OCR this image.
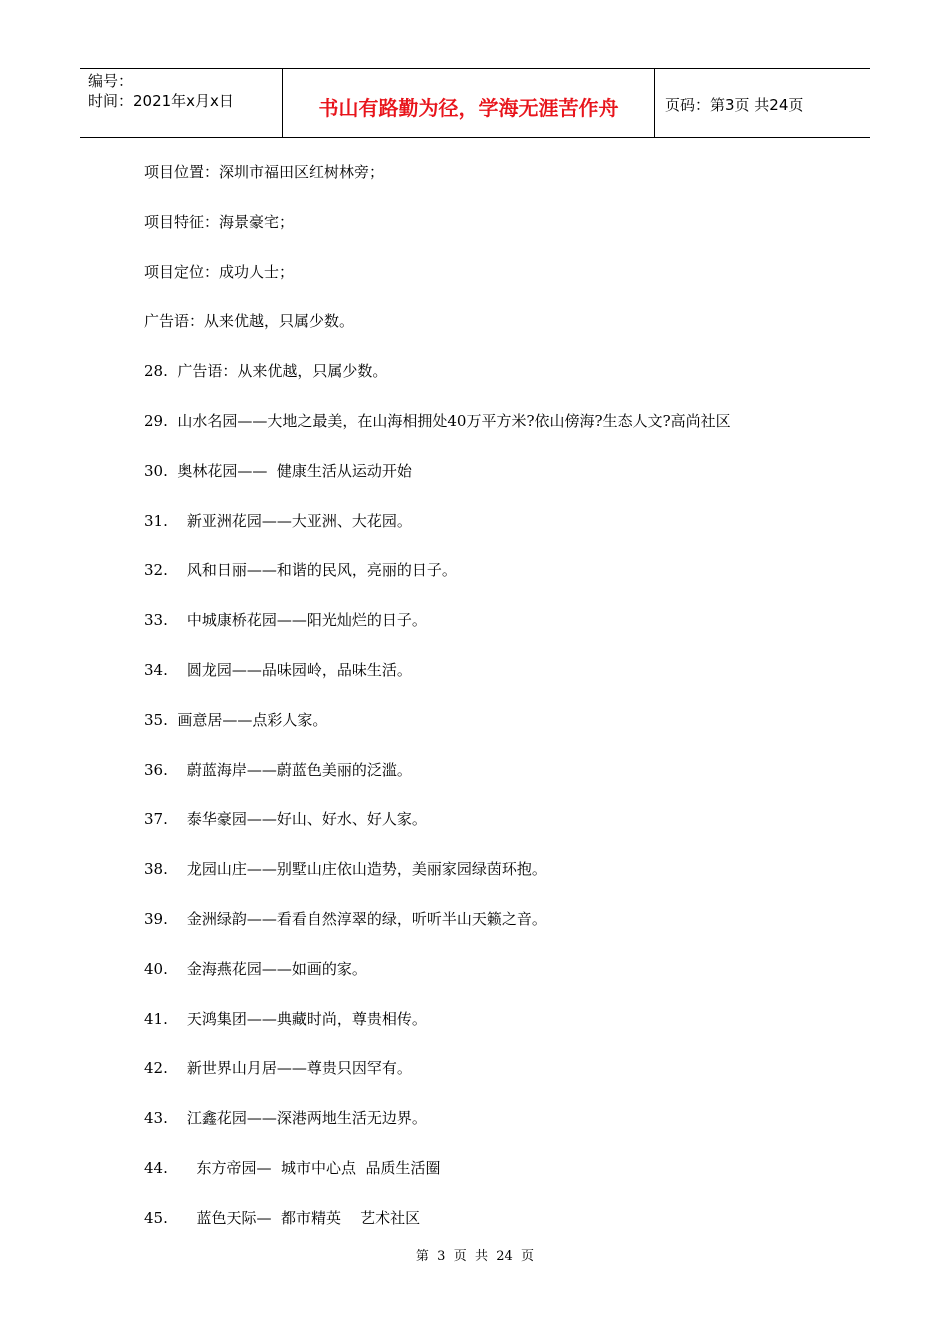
编号：
时间：2021年x月x日	书山有路勤为径，学海无涯苦作舟	页码：第3页 共24页
项目位置：深圳市福田区红树林旁；
项目特征：海景豪宅；
项目定位：成功人士；
广告语：从来优越，只属少数。
28.  广告语：从来优越，只属少数。
29.  山水名园——大地之最美，在山海相拥处40万平方米?依山傍海?生态人文?高尚社区
30.  奥林花园——  健康生活从运动开始
31.    新亚洲花园——大亚洲、大花园。
32.    风和日丽——和谐的民风，亮丽的日子。
33.    中城康桥花园——阳光灿烂的日子。
34.    圆龙园——品味园岭，品味生活。
35.  画意居——点彩人家。
36.    蔚蓝海岸——蔚蓝色美丽的泛滥。
37.    泰华豪园——好山、好水、好人家。
38.    龙园山庄——别墅山庄依山造势，美丽家园绿茵环抱。
39.    金洲绿韵——看看自然淳翠的绿，听听半山天籁之音。
40.    金海燕花园——如画的家。
41.    天鸿集团——典藏时尚，尊贵相传。
42.    新世界山月居——尊贵只因罕有。
43.    江鑫花园——深港两地生活无边界。
44.      东方帝园—  城市中心点  品质生活圈
45.      蓝色天际—  都市精英    艺术社区
第  3  页  共  24  页
